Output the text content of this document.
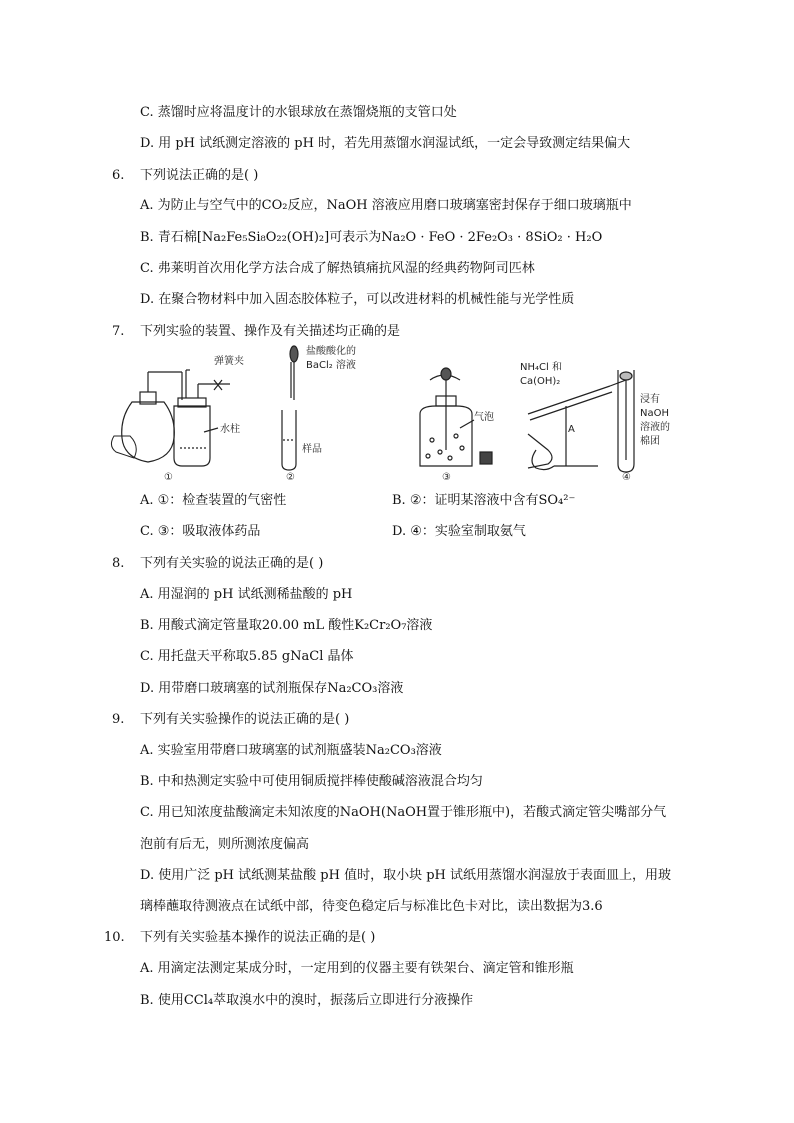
C. 蒸馏时应将温度计的水银球放在蒸馏烧瓶的支管口处
D. 用 pH 试纸测定溶液的 pH 时，若先用蒸馏水润湿试纸，一定会导致测定结果偏大
6. 下列说法正确的是( )
A. 为防止与空气中的CO₂反应，NaOH 溶液应用磨口玻璃塞密封保存于细口玻璃瓶中
B. 青石棉[Na₂Fe₅Si₈O₂₂(OH)₂]可表示为Na₂O · FeO · 2Fe₂O₃ · 8SiO₂ · H₂O
C. 弗莱明首次用化学方法合成了解热镇痛抗风湿的经典药物阿司匹林
D. 在聚合物材料中加入固态胶体粒子，可以改进材料的机械性能与光学性质
7. 下列实验的装置、操作及有关描述均正确的是
弹簧夹
水柱
①
盐酸酸化的
BaCl₂ 溶液
样品
②
气泡
③
NH₄Cl 和
Ca(OH)₂
A
浸有
NaOH
溶液的
棉团
④
A. ①：检查装置的气密性	B. ②：证明某溶液中含有SO₄²⁻
C. ③：吸取液体药品	D. ④：实验室制取氨气
8. 下列有关实验的说法正确的是( )
A. 用湿润的 pH 试纸测稀盐酸的 pH
B. 用酸式滴定管量取20.00 mL 酸性K₂Cr₂O₇溶液
C. 用托盘天平称取5.85 gNaCl 晶体
D. 用带磨口玻璃塞的试剂瓶保存Na₂CO₃溶液
9. 下列有关实验操作的说法正确的是( )
A. 实验室用带磨口玻璃塞的试剂瓶盛装Na₂CO₃溶液
B. 中和热测定实验中可使用铜质搅拌棒使酸碱溶液混合均匀
C. 用已知浓度盐酸滴定未知浓度的NaOH(NaOH置于锥形瓶中)，若酸式滴定管尖嘴部分气
泡前有后无，则所测浓度偏高
D. 使用广泛 pH 试纸测某盐酸 pH 值时，取小块 pH 试纸用蒸馏水润湿放于表面皿上，用玻
璃棒蘸取待测液点在试纸中部，待变色稳定后与标准比色卡对比，读出数据为3.6
10. 下列有关实验基本操作的说法正确的是( )
A. 用滴定法测定某成分时，一定用到的仪器主要有铁架台、滴定管和锥形瓶
B. 使用CCl₄萃取溴水中的溴时，振荡后立即进行分液操作
